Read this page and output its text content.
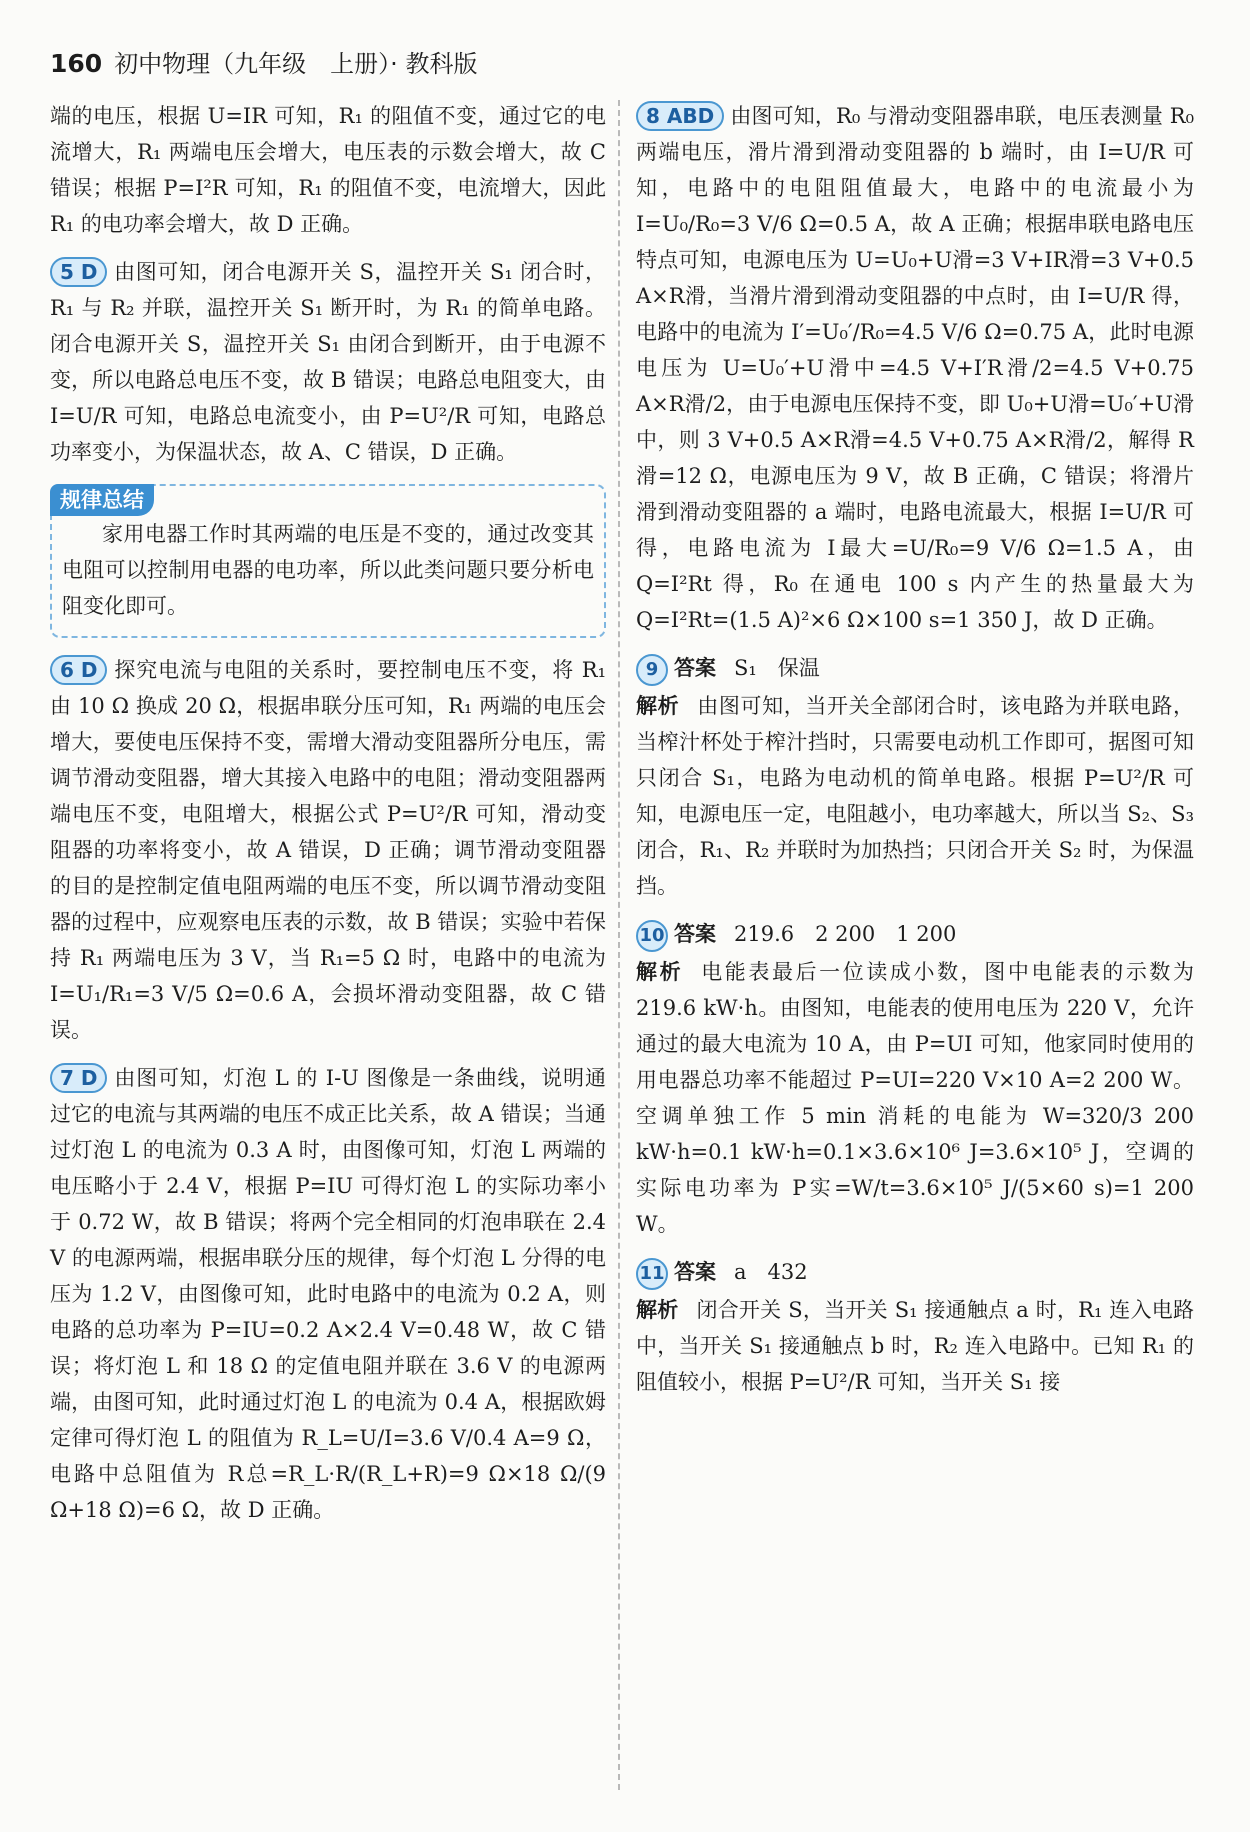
160 初中物理（九年级　上册）· 教科版

端的电压，根据 U=IR 可知，R₁ 的阻值不变，通过它的电流增大，R₁ 两端电压会增大，电压表的示数会增大，故 C 错误；根据 P=I²R 可知，R₁ 的阻值不变，电流增大，因此 R₁ 的电功率会增大，故 D 正确。

5 D 由图可知，闭合电源开关 S，温控开关 S₁ 闭合时，R₁ 与 R₂ 并联，温控开关 S₁ 断开时，为 R₁ 的简单电路。闭合电源开关 S，温控开关 S₁ 由闭合到断开，由于电源不变，所以电路总电压不变，故 B 错误；电路总电阻变大，由 I=U/R 可知，电路总电流变小，由 P=U²/R 可知，电路总功率变小，为保温状态，故 A、C 错误，D 正确。

规律总结

家用电器工作时其两端的电压是不变的，通过改变其电阻可以控制用电器的电功率，所以此类问题只要分析电阻变化即可。

6 D 探究电流与电阻的关系时，要控制电压不变，将 R₁ 由 10 Ω 换成 20 Ω，根据串联分压可知，R₁ 两端的电压会增大，要使电压保持不变，需增大滑动变阻器所分电压，需调节滑动变阻器，增大其接入电路中的电阻；滑动变阻器两端电压不变，电阻增大，根据公式 P=U²/R 可知，滑动变阻器的功率将变小，故 A 错误，D 正确；调节滑动变阻器的目的是控制定值电阻两端的电压不变，所以调节滑动变阻器的过程中，应观察电压表的示数，故 B 错误；实验中若保持 R₁ 两端电压为 3 V，当 R₁=5 Ω 时，电路中的电流为 I=U₁/R₁=3 V/5 Ω=0.6 A，会损坏滑动变阻器，故 C 错误。

7 D 由图可知，灯泡 L 的 I-U 图像是一条曲线，说明通过它的电流与其两端的电压不成正比关系，故 A 错误；当通过灯泡 L 的电流为 0.3 A 时，由图像可知，灯泡 L 两端的电压略小于 2.4 V，根据 P=IU 可得灯泡 L 的实际功率小于 0.72 W，故 B 错误；将两个完全相同的灯泡串联在 2.4 V 的电源两端，根据串联分压的规律，每个灯泡 L 分得的电压为 1.2 V，由图像可知，此时电路中的电流为 0.2 A，则电路的总功率为 P=IU=0.2 A×2.4 V=0.48 W，故 C 错误；将灯泡 L 和 18 Ω 的定值电阻并联在 3.6 V 的电源两端，由图可知，此时通过灯泡 L 的电流为 0.4 A，根据欧姆定律可得灯泡 L 的阻值为 R_L=U/I=3.6 V/0.4 A=9 Ω，电路中总阻值为 R总=R_L·R/(R_L+R)=9 Ω×18 Ω/(9 Ω+18 Ω)=6 Ω，故 D 正确。

8 ABD 由图可知，R₀ 与滑动变阻器串联，电压表测量 R₀ 两端电压，滑片滑到滑动变阻器的 b 端时，由 I=U/R 可知，电路中的电阻阻值最大，电路中的电流最小为 I=U₀/R₀=3 V/6 Ω=0.5 A，故 A 正确；根据串联电路电压特点可知，电源电压为 U=U₀+U滑=3 V+IR滑=3 V+0.5 A×R滑，当滑片滑到滑动变阻器的中点时，由 I=U/R 得，电路中的电流为 I′=U₀′/R₀=4.5 V/6 Ω=0.75 A，此时电源电压为 U=U₀′+U滑中=4.5 V+I′R滑/2=4.5 V+0.75 A×R滑/2，由于电源电压保持不变，即 U₀+U滑=U₀′+U滑中，则 3 V+0.5 A×R滑=4.5 V+0.75 A×R滑/2，解得 R滑=12 Ω，电源电压为 9 V，故 B 正确，C 错误；将滑片滑到滑动变阻器的 a 端时，电路电流最大，根据 I=U/R 可得，电路电流为 I最大=U/R₀=9 V/6 Ω=1.5 A，由 Q=I²Rt 得，R₀ 在通电 100 s 内产生的热量最大为 Q=I²Rt=(1.5 A)²×6 Ω×100 s=1 350 J，故 D 正确。

9 答案 S₁　保温

解析 由图可知，当开关全部闭合时，该电路为并联电路，当榨汁杯处于榨汁挡时，只需要电动机工作即可，据图可知只闭合 S₁，电路为电动机的简单电路。根据 P=U²/R 可知，电源电压一定，电阻越小，电功率越大，所以当 S₂、S₃ 闭合，R₁、R₂ 并联时为加热挡；只闭合开关 S₂ 时，为保温挡。

10 答案 219.6　2 200　1 200

解析 电能表最后一位读成小数，图中电能表的示数为 219.6 kW·h。由图知，电能表的使用电压为 220 V，允许通过的最大电流为 10 A，由 P=UI 可知，他家同时使用的用电器总功率不能超过 P=UI=220 V×10 A=2 200 W。空调单独工作 5 min 消耗的电能为 W=320/3 200 kW·h=0.1 kW·h=0.1×3.6×10⁶ J=3.6×10⁵ J，空调的实际电功率为 P实=W/t=3.6×10⁵ J/(5×60 s)=1 200 W。

11 答案 a　432

解析 闭合开关 S，当开关 S₁ 接通触点 a 时，R₁ 连入电路中，当开关 S₁ 接通触点 b 时，R₂ 连入电路中。已知 R₁ 的阻值较小，根据 P=U²/R 可知，当开关 S₁ 接
